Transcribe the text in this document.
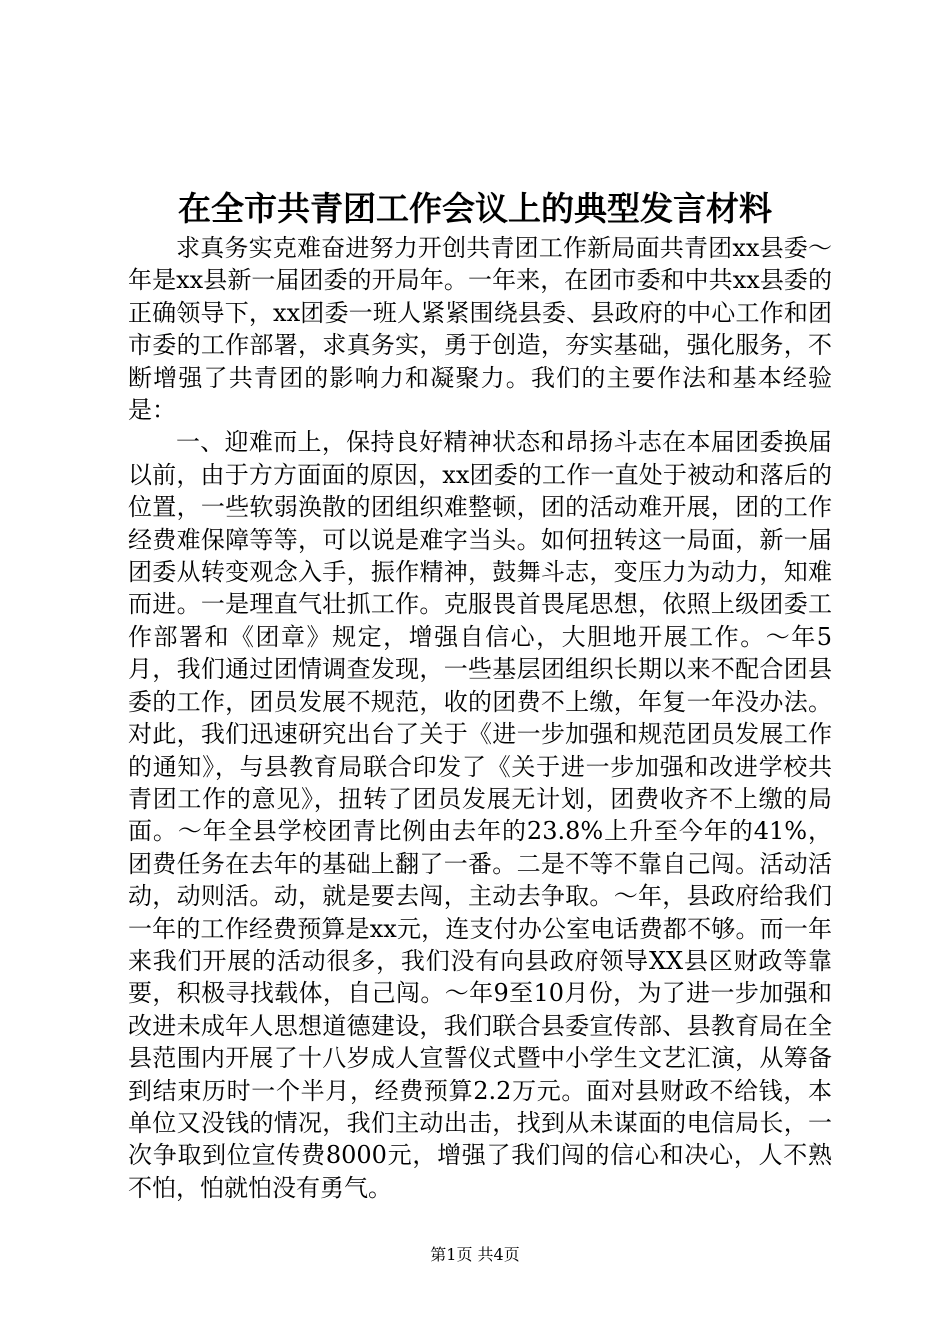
在全市共青团工作会议上的典型发言材料

求真务实克难奋进努力开创共青团工作新局面共青团xx县委～年是xx县新一届团委的开局年。一年来，在团市委和中共xx县委的正确领导下，xx团委一班人紧紧围绕县委、县政府的中心工作和团市委的工作部署，求真务实，勇于创造，夯实基础，强化服务，不断增强了共青团的影响力和凝聚力。我们的主要作法和基本经验是：

一、迎难而上，保持良好精神状态和昂扬斗志在本届团委换届以前，由于方方面面的原因，xx团委的工作一直处于被动和落后的位置，一些软弱涣散的团组织难整顿，团的活动难开展，团的工作经费难保障等等，可以说是难字当头。如何扭转这一局面，新一届团委从转变观念入手，振作精神，鼓舞斗志，变压力为动力，知难而进。一是理直气壮抓工作。克服畏首畏尾思想，依照上级团委工作部署和《团章》规定，增强自信心，大胆地开展工作。～年5月，我们通过团情调查发现，一些基层团组织长期以来不配合团县委的工作，团员发展不规范，收的团费不上缴，年复一年没办法。对此，我们迅速研究出台了关于《进一步加强和规范团员发展工作的通知》，与县教育局联合印发了《关于进一步加强和改进学校共青团工作的意见》，扭转了团员发展无计划，团费收齐不上缴的局面。～年全县学校团青比例由去年的23.8%上升至今年的41%，团费任务在去年的基础上翻了一番。二是不等不靠自己闯。活动活动，动则活。动，就是要去闯，主动去争取。～年，县政府给我们一年的工作经费预算是xx元，连支付办公室电话费都不够。而一年来我们开展的活动很多，我们没有向县政府领导XX县区财政等靠要，积极寻找载体，自己闯。～年9至10月份，为了进一步加强和改进未成年人思想道德建设，我们联合县委宣传部、县教育局在全县范围内开展了十八岁成人宣誓仪式暨中小学生文艺汇演，从筹备到结束历时一个半月，经费预算2.2万元。面对县财政不给钱，本单位又没钱的情况，我们主动出击，找到从未谋面的电信局长，一次争取到位宣传费8000元，增强了我们闯的信心和决心，人不熟不怕，怕就怕没有勇气。

第1页 共4页
